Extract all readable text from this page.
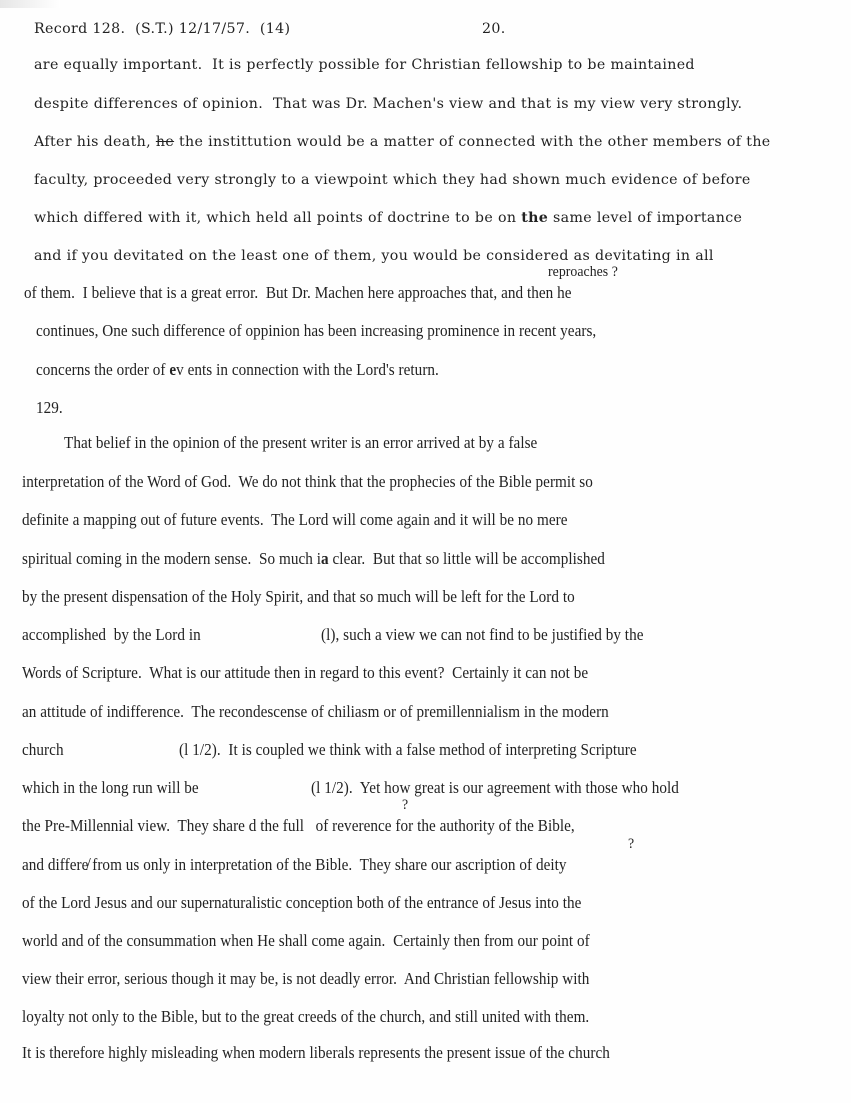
Record 128.  (S.T.) 12/17/57.  (14)	20.
are equally important.  It is perfectly possible for Christian fellowship to be maintained
despite differences of opinion.  That was Dr. Machen's view and that is my view very strongly.
After his death, he the instittution would be a matter of connected with the other members of the
faculty, proceeded very strongly to a viewpoint which they had shown much evidence of before
which differed with it, which held all points of doctrine to be on the same level of importance
and if you devitated on the least one of them, you would be considered as devitating in all
reproaches ?
of them.  I believe that is a great error.  But Dr. Machen here approaches that, and then he
continues, One such difference of oppinion has been increasing prominence in recent years,
concerns the order of ev ents in connection with the Lord's return.
129.
That belief in the opinion of the present writer is an error arrived at by a false
interpretation of the Word of God.  We do not think that the prophecies of the Bible permit so
definite a mapping out of future events.  The Lord will come again and it will be no mere
spiritual coming in the modern sense.  So much ia clear.  But that so little will be accomplished
by the present dispensation of the Holy Spirit, and that so much will be left for the Lord to
accomplished  by the Lord in	(l), such a view we can not find to be justified by the
Words of Scripture.  What is our attitude then in regard to this event?  Certainly it can not be
an attitude of indifference.  The recondescense of chiliasm or of premillennialism in the modern
church	(l 1/2).  It is coupled we think with a false method of interpreting Scripture
which in the long run will be	(l 1/2).  Yet how great is our agreement with those who hold
?
the Pre-Millennial view.  They share d the full   of reverence for the authority of the Bible,
?
and differe̸ from us only in interpretation of the Bible.  They share our ascription of deity
of the Lord Jesus and our supernaturalistic conception both of the entrance of Jesus into the
world and of the consummation when He shall come again.  Certainly then from our point of
view their error, serious though it may be, is not deadly error.  And Christian fellowship with
loyalty not only to the Bible, but to the great creeds of the church, and still united with them.
It is therefore highly misleading when modern liberals represents the present issue of the church
